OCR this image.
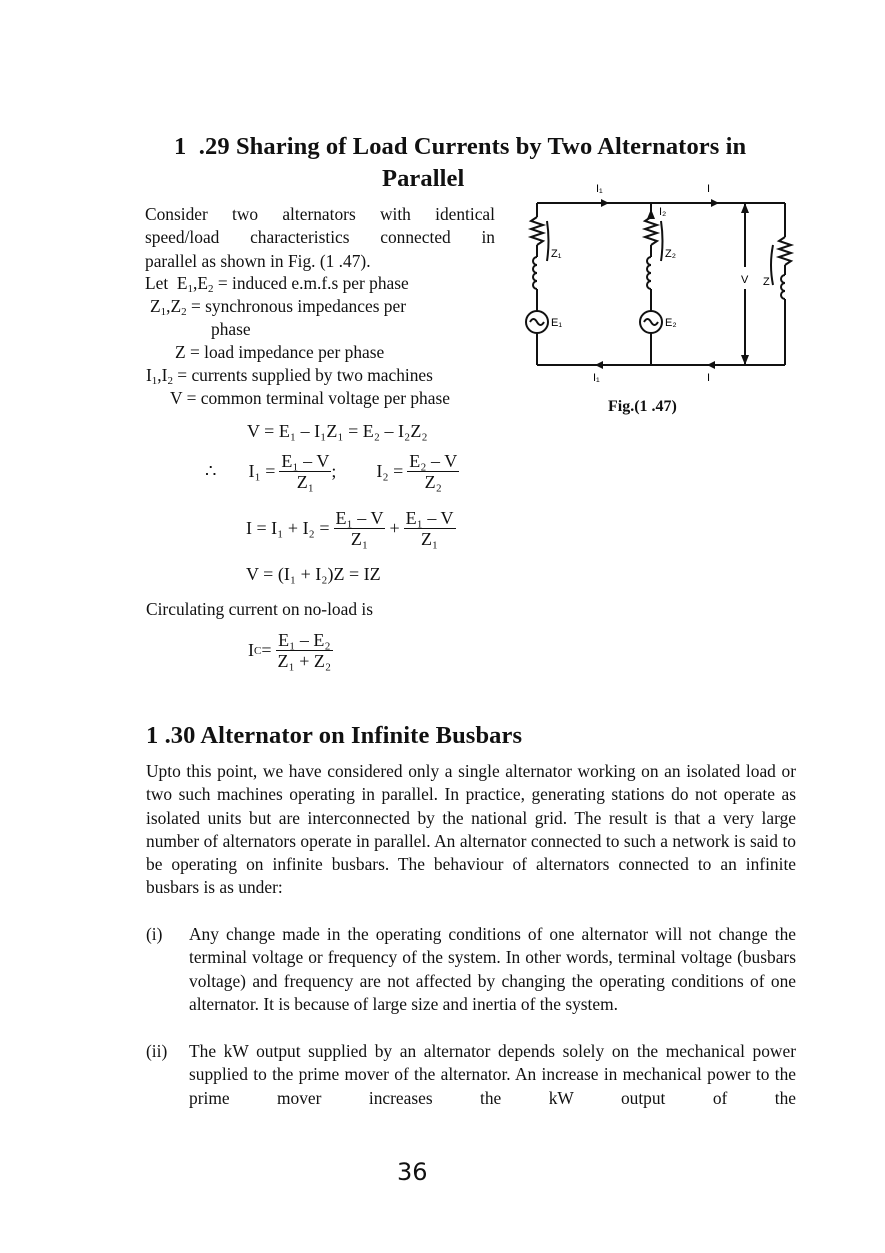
1  .29 Sharing of Load Currents by Two Alternators in
Parallel
Consider two alternators with identical
speed/load characteristics connected in
parallel as shown in Fig. (1 .47).
Let  $E_1,E_2$ = induced e.m.f.s per phase
$Z_1,Z_2$ = synchronous impedances per
phase
Z = load impedance per phase
$I_1,I_2$ = currents supplied by two machines
V = common terminal voltage per phase
V = E₁ – I₁Z₁ = E₂ – I₂Z₂
∴ $I_1 = \frac{\text{E₁ – V}}{\text{Z₁}}$ ; $I_2 = \frac{\text{E₂ – V}}{\text{Z₂}}$
$I = I_1 + I_2 = \frac{\text{E₁ – V}}{\text{Z₁}} + \frac{\text{E₁ – V}}{\text{Z₁}}$
V = (I₁ + I₂)Z = IZ
Circulating current on no-load is
I $C = \frac{\text{E₁ – E₂}}{\text{Z₁ + Z₂}}$
I₁	I
I₂
Z₁	Z₂
E₁	E₂
V Z
I₁	I
Fig.(1 .47)
1 .30 Alternator on Infinite Busbars
Upto this point, we have considered only a single alternator working on an isolated load or two such machines operating in parallel. In practice, generating stations do not operate as isolated units but are interconnected by the national grid. The result is that a very large number of alternators operate in parallel. An alternator connected to such a network is said to be operating on infinite busbars. The behaviour of alternators connected to an infinite busbars is as under:
(i) Any change made in the operating conditions of one alternator will not change the terminal voltage or frequency of the system. In other words, terminal voltage (busbars voltage) and frequency are not affected by changing the operating conditions of one alternator. It is because of large size and inertia of the system.
(ii) The kW output supplied by an alternator depends solely on the mechanical power supplied to the prime mover of the alternator. An increase in mechanical power to the prime mover increases the kW output of the
36
